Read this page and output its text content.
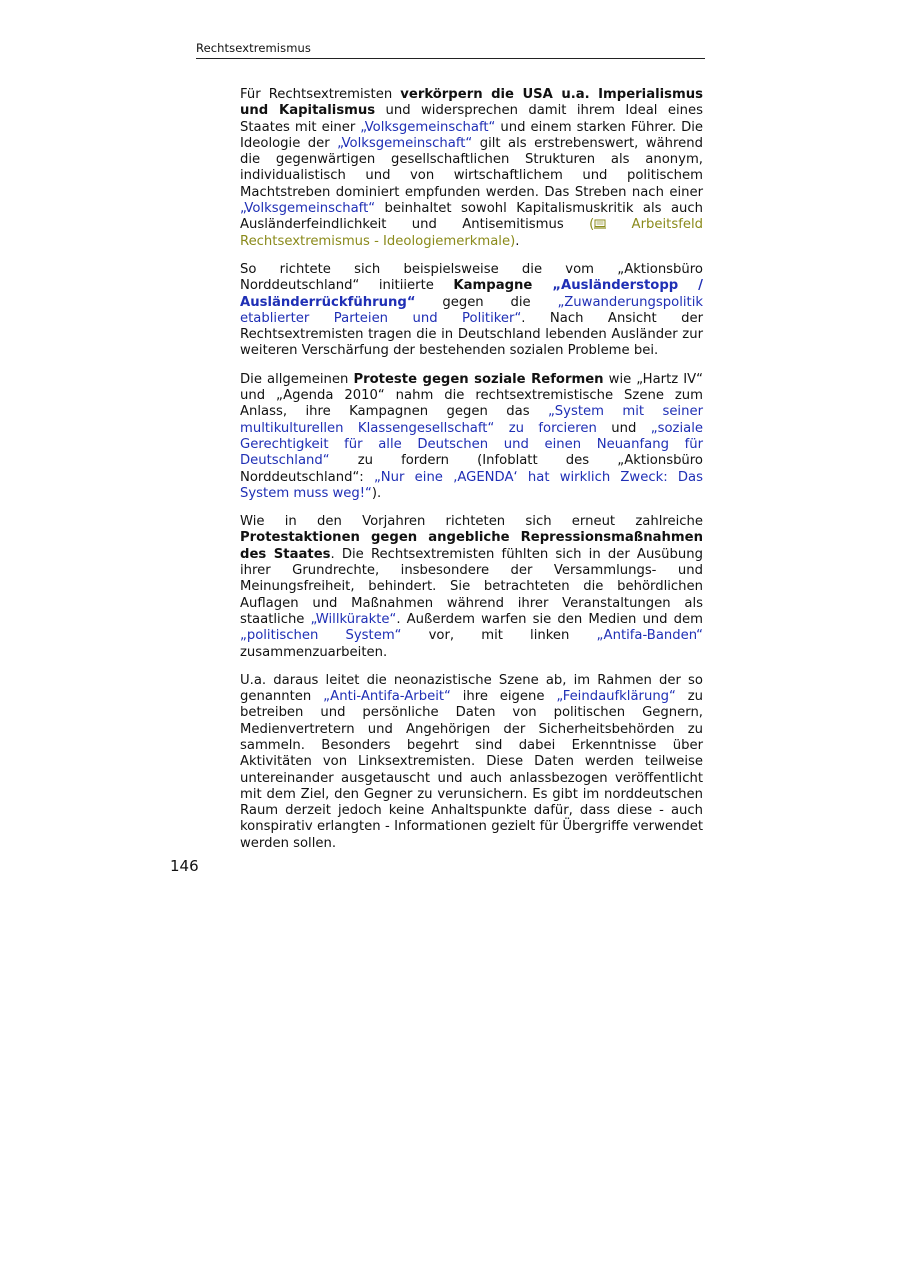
Rechtsextremismus

Für Rechtsextremisten verkörpern die USA u.a. Imperialismus und Kapitalismus und widersprechen damit ihrem Ideal eines Staates mit einer „Volksgemeinschaft“ und einem starken Führer. Die Ideologie der „Volksgemeinschaft“ gilt als erstrebenswert, während die gegenwärtigen gesellschaftlichen Strukturen als anonym, individualistisch und von wirtschaftlichem und politischem Machtstreben dominiert empfunden werden. Das Streben nach einer „Volksgemeinschaft“ beinhaltet sowohl Kapitalismuskritik als auch Ausländerfeindlichkeit und Antisemitismus ( Arbeitsfeld Rechtsextremismus - Ideologiemerkmale).

So richtete sich beispielsweise die vom „Aktionsbüro Norddeutschland“ initiierte Kampagne „Ausländerstopp / Ausländerrückführung“ gegen die „Zuwanderungspolitik etablierter Parteien und Politiker“. Nach Ansicht der Rechtsextremisten tragen die in Deutschland lebenden Ausländer zur weiteren Verschärfung der bestehenden sozialen Probleme bei.

Die allgemeinen Proteste gegen soziale Reformen wie „Hartz IV“ und „Agenda 2010“ nahm die rechtsextremistische Szene zum Anlass, ihre Kampagnen gegen das „System mit seiner multikulturellen Klassengesellschaft“ zu forcieren und „soziale Gerechtigkeit für alle Deutschen und einen Neuanfang für Deutschland“ zu fordern (Infoblatt des „Aktionsbüro Norddeutschland“: „Nur eine ‚AGENDA‘ hat wirklich Zweck: Das System muss weg!“).

Wie in den Vorjahren richteten sich erneut zahlreiche Protestaktionen gegen angebliche Repressionsmaßnahmen des Staates. Die Rechtsextremisten fühlten sich in der Ausübung ihrer Grundrechte, insbesondere der Versammlungs- und Meinungsfreiheit, behindert. Sie betrachteten die behördlichen Auflagen und Maßnahmen während ihrer Veranstaltungen als staatliche „Willkürakte“. Außerdem warfen sie den Medien und dem „politischen System“ vor, mit linken „Antifa-Banden“ zusammenzuarbeiten.

U.a. daraus leitet die neonazistische Szene ab, im Rahmen der so genannten „Anti-Antifa-Arbeit“ ihre eigene „Feindaufklärung“ zu betreiben und persönliche Daten von politischen Gegnern, Medienvertretern und Angehörigen der Sicherheitsbehörden zu sammeln. Besonders begehrt sind dabei Erkenntnisse über Aktivitäten von Linksextremisten. Diese Daten werden teilweise untereinander ausgetauscht und auch anlassbezogen veröffentlicht mit dem Ziel, den Gegner zu verunsichern. Es gibt im norddeutschen Raum derzeit jedoch keine Anhaltspunkte dafür, dass diese - auch konspirativ erlangten - Informationen gezielt für Übergriffe verwendet werden sollen.

146
